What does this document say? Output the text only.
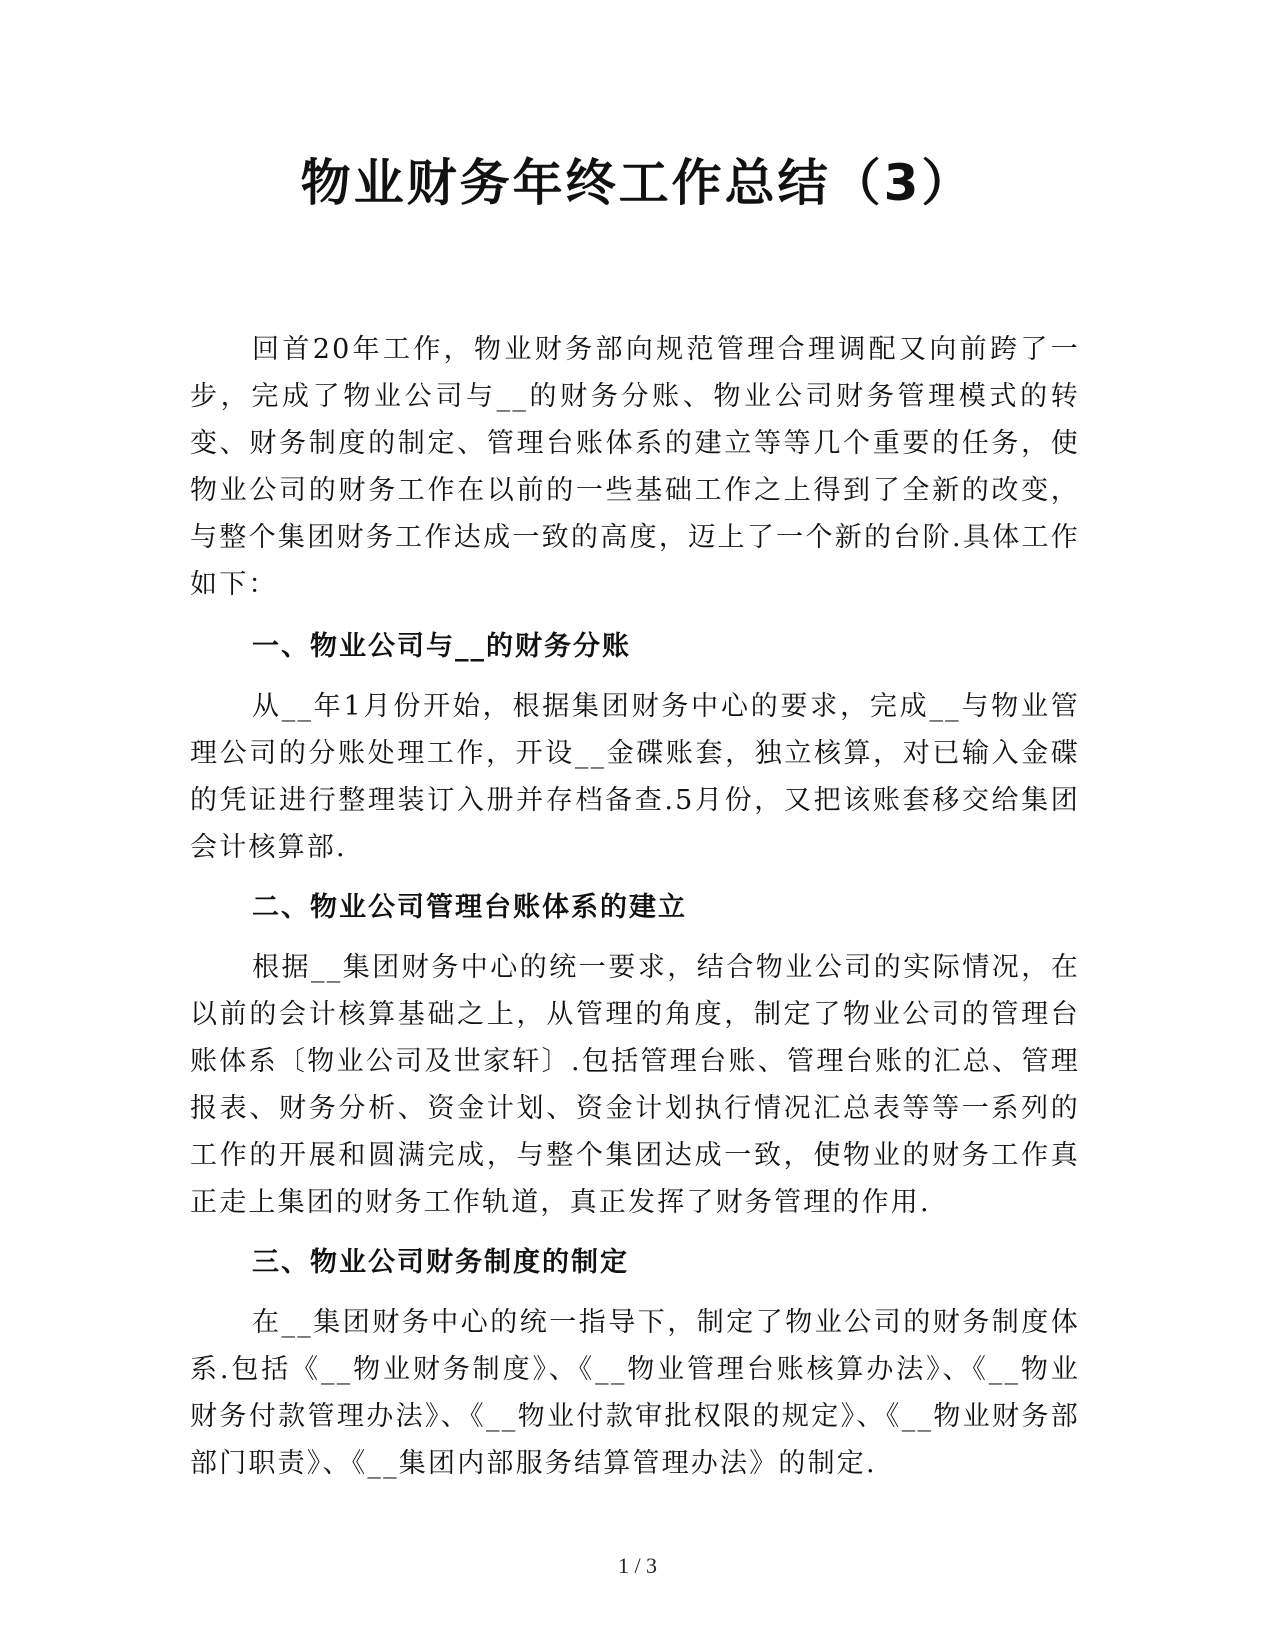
物业财务年终工作总结（3）

回首20年工作，物业财务部向规范管理合理调配又向前跨了一步，完成了物业公司与__的财务分账、物业公司财务管理模式的转变、财务制度的制定、管理台账体系的建立等等几个重要的任务，使物业公司的财务工作在以前的一些基础工作之上得到了全新的改变，与整个集团财务工作达成一致的高度，迈上了一个新的台阶.具体工作如下：

一、物业公司与__的财务分账

从__年1月份开始，根据集团财务中心的要求，完成__与物业管理公司的分账处理工作，开设__金碟账套，独立核算，对已输入金碟的凭证进行整理装订入册并存档备查.5月份，又把该账套移交给集团会计核算部.

二、物业公司管理台账体系的建立

根据__集团财务中心的统一要求，结合物业公司的实际情况，在以前的会计核算基础之上，从管理的角度，制定了物业公司的管理台账体系〔物业公司及世家轩〕.包括管理台账、管理台账的汇总、管理报表、财务分析、资金计划、资金计划执行情况汇总表等等一系列的工作的开展和圆满完成，与整个集团达成一致，使物业的财务工作真正走上集团的财务工作轨道，真正发挥了财务管理的作用.

三、物业公司财务制度的制定

在__集团财务中心的统一指导下，制定了物业公司的财务制度体系.包括《__物业财务制度》、《__物业管理台账核算办法》、《__物业财务付款管理办法》、《__物业付款审批权限的规定》、《__物业财务部部门职责》、《__集团内部服务结算管理办法》的制定.

1 / 3
